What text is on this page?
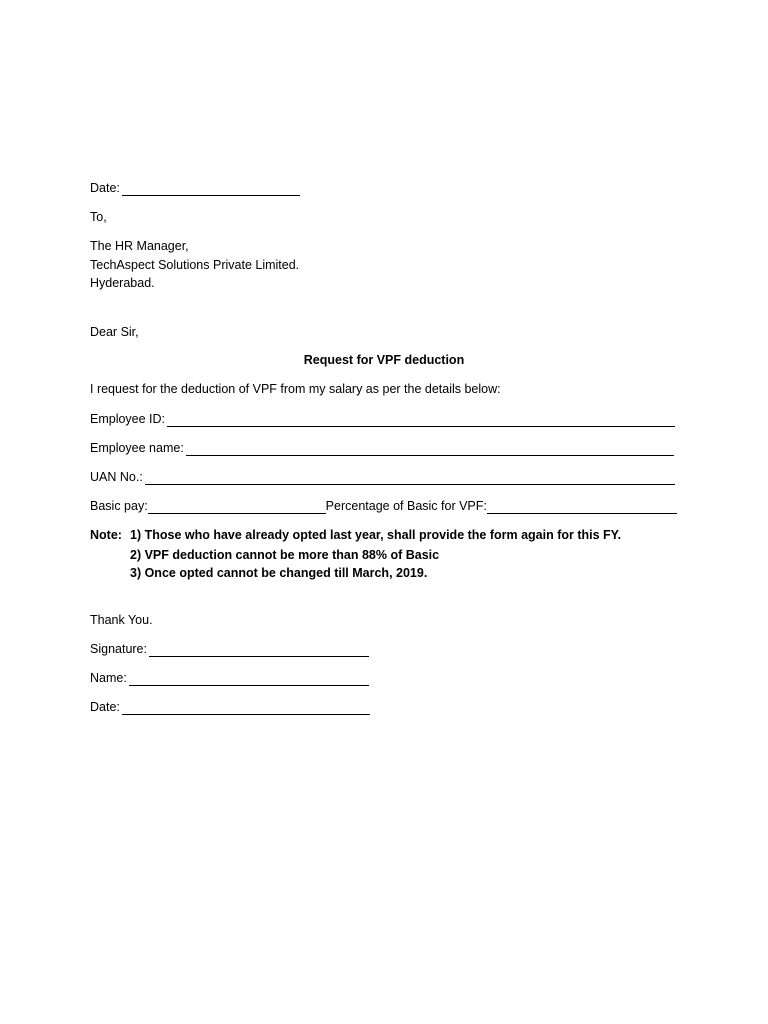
Date:
To,
The HR Manager,
TechAspect Solutions Private Limited.
Hyderabad.
Dear Sir,
Request for VPF deduction
I request for the deduction of VPF from my salary as per the details below:
Employee ID:
Employee name:
UAN No.:
Basic pay:	Percentage of Basic for VPF:
Note: 1) Those who have already opted last year, shall provide the form again for this FY.
2) VPF deduction cannot be more than 88% of Basic
3) Once opted cannot be changed till March, 2019.
Thank You.
Signature:
Name:
Date:
